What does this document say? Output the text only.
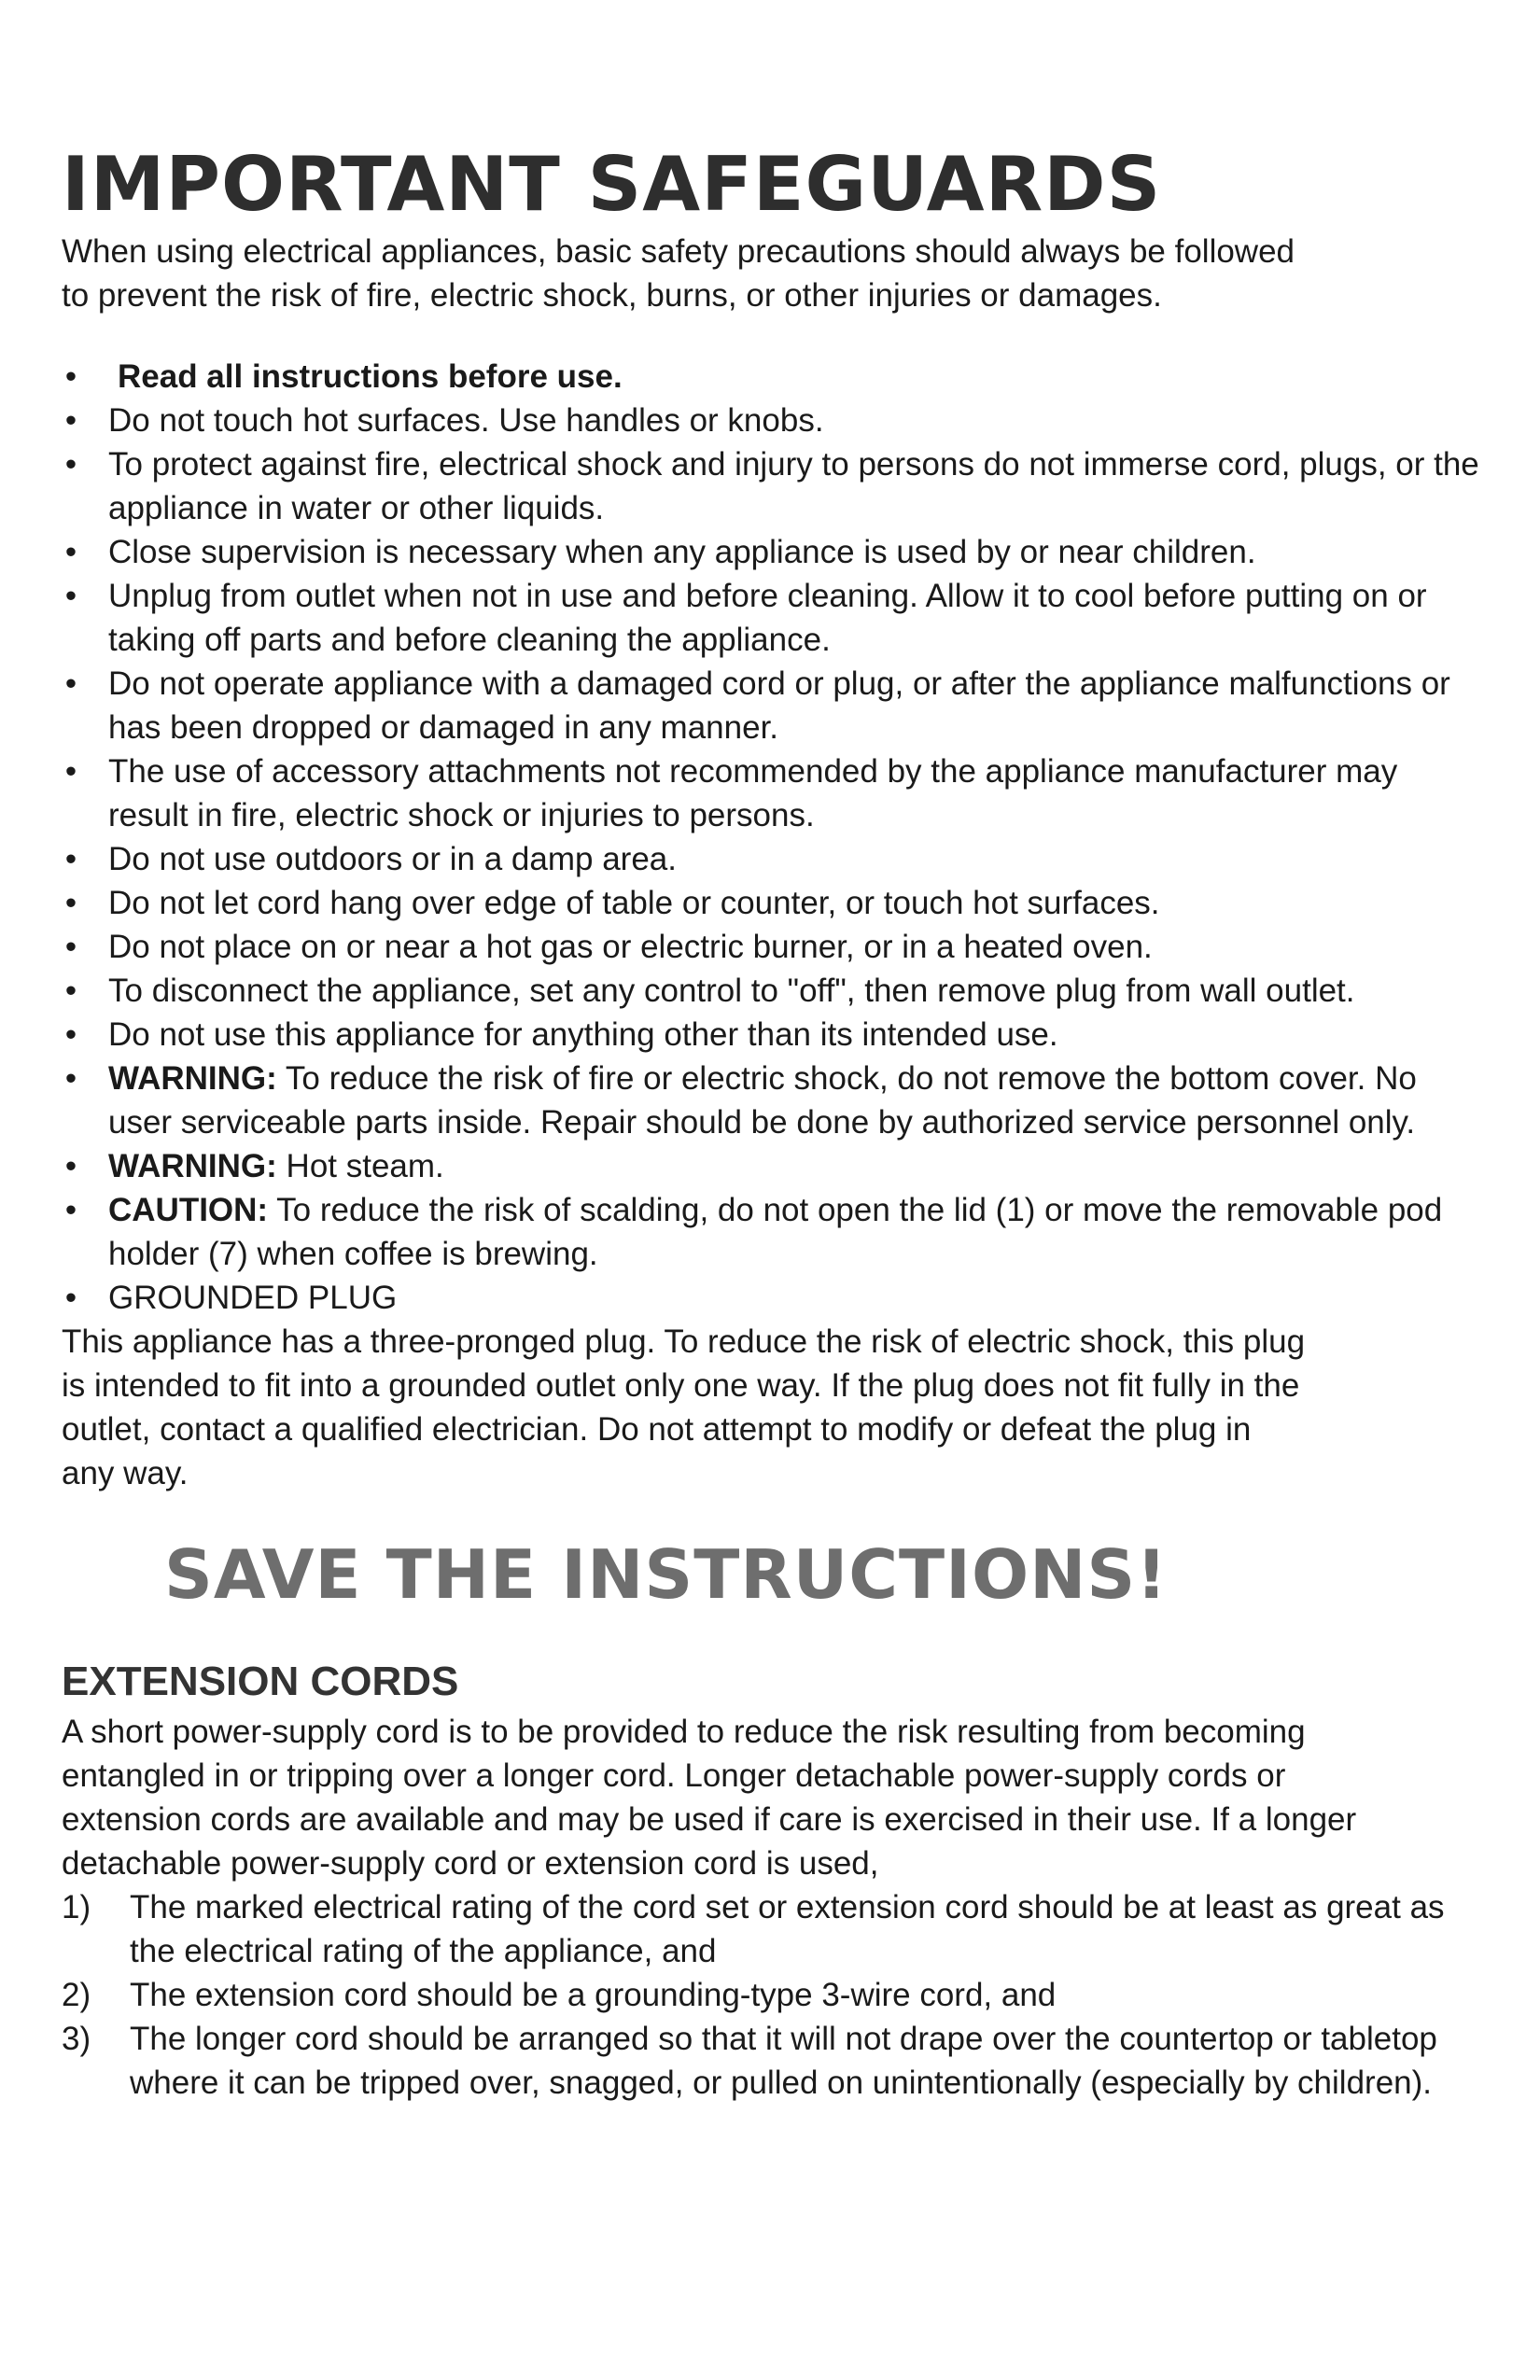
IMPORTANT SAFEGUARDS

When using electrical appliances, basic safety precautions should always be followed
to prevent the risk of fire, electric shock, burns, or other injuries or damages.

• Read all instructions before use.
• Do not touch hot surfaces. Use handles or knobs.
• To protect against fire, electrical shock and injury to persons do not immerse cord, plugs, or the appliance in water or other liquids.
• Close supervision is necessary when any appliance is used by or near children.
• Unplug from outlet when not in use and before cleaning. Allow it to cool before putting on or taking off parts and before cleaning the appliance.
• Do not operate appliance with a damaged cord or plug, or after the appliance malfunctions or has been dropped or damaged in any manner.
• The use of accessory attachments not recommended by the appliance manufacturer may result in fire, electric shock or injuries to persons.
• Do not use outdoors or in a damp area.
• Do not let cord hang over edge of table or counter, or touch hot surfaces.
• Do not place on or near a hot gas or electric burner, or in a heated oven.
• To disconnect the appliance, set any control to "off", then remove plug from wall outlet.
• Do not use this appliance for anything other than its intended use.
• WARNING: To reduce the risk of fire or electric shock, do not remove the bottom cover. No user serviceable parts inside. Repair should be done by authorized service personnel only.
• WARNING: Hot steam.
• CAUTION: To reduce the risk of scalding, do not open the lid (1) or move the removable pod holder (7) when coffee is brewing.
• GROUNDED PLUG

This appliance has a three-pronged plug. To reduce the risk of electric shock, this plug
is intended to fit into a grounded outlet only one way. If the plug does not fit fully in the
outlet, contact a qualified electrician. Do not attempt to modify or defeat the plug in
any way.

SAVE THE INSTRUCTIONS!
EXTENSION CORDS

A short power-supply cord is to be provided to reduce the risk resulting from becoming
entangled in or tripping over a longer cord. Longer detachable power-supply cords or
extension cords are available and may be used if care is exercised in their use. If a longer
detachable power-supply cord or extension cord is used,

1) The marked electrical rating of the cord set or extension cord should be at least as great as the electrical rating of the appliance, and
2) The extension cord should be a grounding-type 3-wire cord, and
3) The longer cord should be arranged so that it will not drape over the countertop or tabletop where it can be tripped over, snagged, or pulled on unintentionally (especially by children).
